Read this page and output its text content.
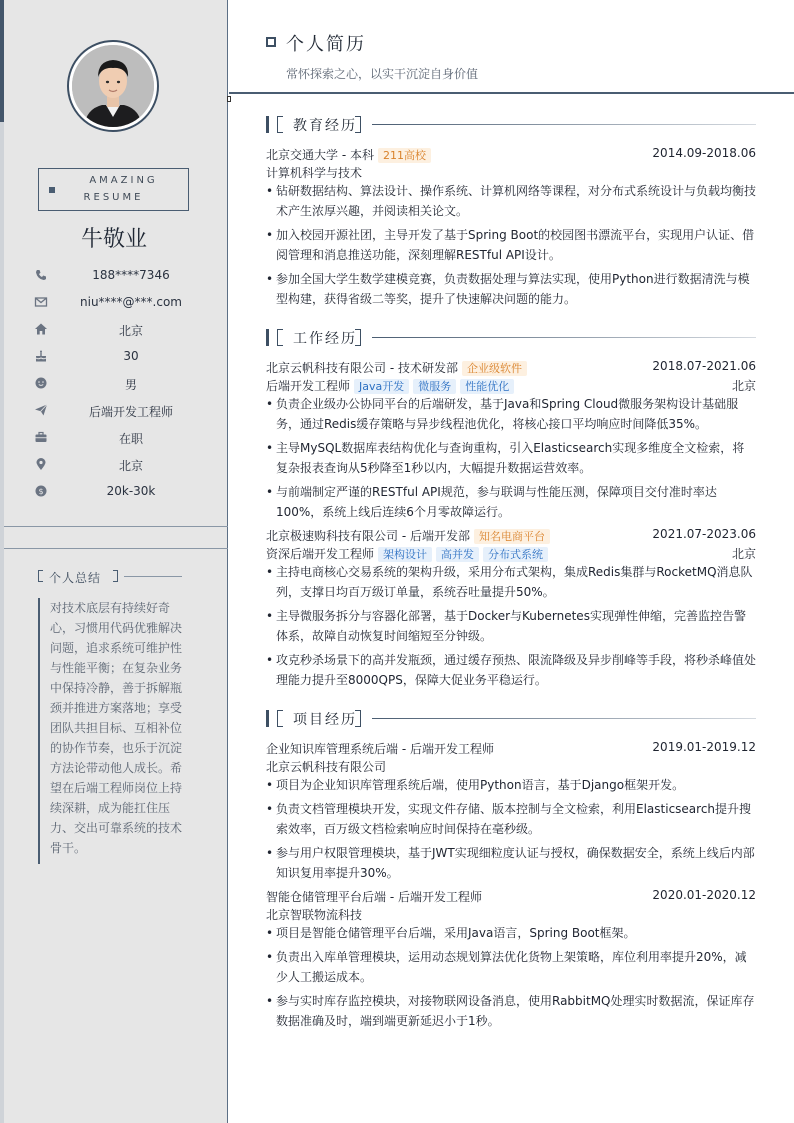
AMAZING
RESUME
牛敬业
188****7346
niu****@***.com
北京
30
男
后端开发工程师
在职
北京
$	20k-30k
个人总结
对技术底层有持续好奇心，习惯用代码优雅解决问题，追求系统可维护性与性能平衡；在复杂业务中保持冷静，善于拆解瓶颈并推进方案落地；享受团队共担目标、互相补位的协作节奏，也乐于沉淀方法论带动他人成长。希望在后端工程师岗位上持续深耕，成为能扛住压力、交出可靠系统的技术骨干。
个人简历
常怀探索之心，以实干沉淀自身价值
教育经历
北京交通大学 - 本科 211高校	2014.09-2018.06
计算机科学与技术
• 钻研数据结构、算法设计、操作系统、计算机网络等课程，对分布式系统设计与负载均衡技术产生浓厚兴趣，并阅读相关论文。
• 加入校园开源社团，主导开发了基于Spring Boot的校园图书漂流平台，实现用户认证、借阅管理和消息推送功能，深刻理解RESTful API设计。
• 参加全国大学生数学建模竞赛，负责数据处理与算法实现，使用Python进行数据清洗与模型构建，获得省级二等奖，提升了快速解决问题的能力。
工作经历
北京云帆科技有限公司 - 技术研发部 企业级软件	2018.07-2021.06
后端开发工程师 Java开发 微服务 性能优化	北京
• 负责企业级办公协同平台的后端研发，基于Java和Spring Cloud微服务架构设计基础服务，通过Redis缓存策略与异步线程池优化，将核心接口平均响应时间降低35%。
• 主导MySQL数据库表结构优化与查询重构，引入Elasticsearch实现多维度全文检索，将复杂报表查询从5秒降至1秒以内，大幅提升数据运营效率。
• 与前端制定严谨的RESTful API规范，参与联调与性能压测，保障项目交付准时率达100%，系统上线后连续6个月零故障运行。
北京极速购科技有限公司 - 后端开发部 知名电商平台	2021.07-2023.06
资深后端开发工程师 架构设计 高并发 分布式系统	北京
• 主持电商核心交易系统的架构升级，采用分布式架构，集成Redis集群与RocketMQ消息队列，支撑日均百万级订单量，系统吞吐量提升50%。
• 主导微服务拆分与容器化部署，基于Docker与Kubernetes实现弹性伸缩，完善监控告警体系，故障自动恢复时间缩短至分钟级。
• 攻克秒杀场景下的高并发瓶颈，通过缓存预热、限流降级及异步削峰等手段，将秒杀峰值处理能力提升至8000QPS，保障大促业务平稳运行。
项目经历
企业知识库管理系统后端 - 后端开发工程师	2019.01-2019.12
北京云帆科技有限公司
• 项目为企业知识库管理系统后端，使用Python语言，基于Django框架开发。
• 负责文档管理模块开发，实现文件存储、版本控制与全文检索，利用Elasticsearch提升搜索效率，百万级文档检索响应时间保持在毫秒级。
• 参与用户权限管理模块，基于JWT实现细粒度认证与授权，确保数据安全，系统上线后内部知识复用率提升30%。
智能仓储管理平台后端 - 后端开发工程师	2020.01-2020.12
北京智联物流科技
• 项目是智能仓储管理平台后端，采用Java语言，Spring Boot框架。
• 负责出入库单管理模块，运用动态规划算法优化货物上架策略，库位利用率提升20%，减少人工搬运成本。
• 参与实时库存监控模块，对接物联网设备消息，使用RabbitMQ处理实时数据流，保证库存数据准确及时，端到端更新延迟小于1秒。
